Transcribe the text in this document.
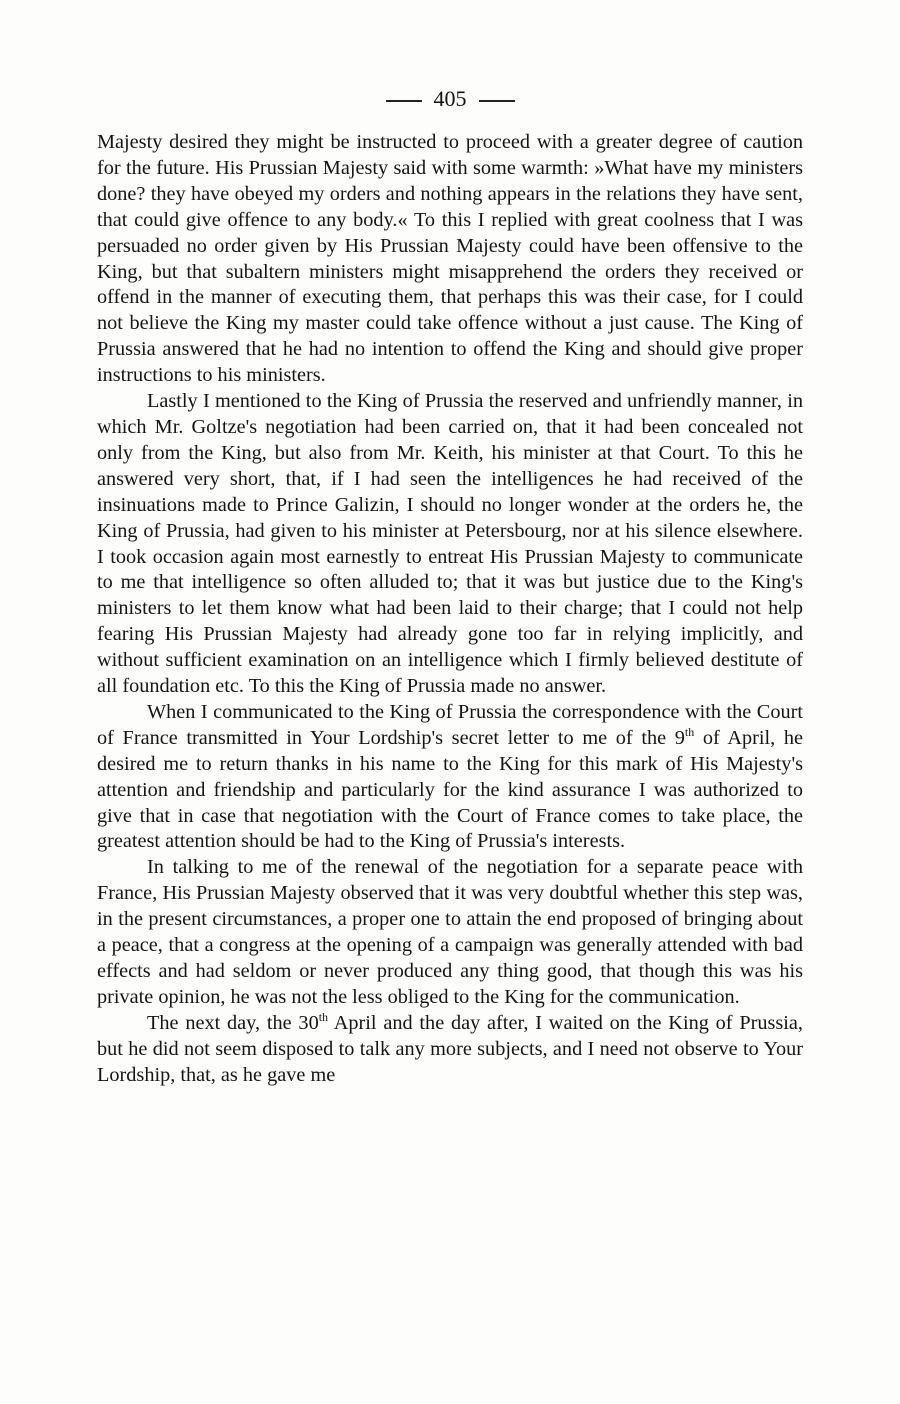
405

Majesty desired they might be instructed to proceed with a greater degree of caution for the future. His Prussian Majesty said with some warmth: »What have my ministers done? they have obeyed my orders and nothing appears in the relations they have sent, that could give offence to any body.« To this I replied with great coolness that I was persuaded no order given by His Prussian Majesty could have been offensive to the King, but that subaltern ministers might misapprehend the orders they received or offend in the manner of executing them, that perhaps this was their case, for I could not believe the King my master could take offence without a just cause. The King of Prussia answered that he had no intention to offend the King and should give proper instructions to his ministers.

Lastly I mentioned to the King of Prussia the reserved and unfriendly manner, in which Mr. Goltze's negotiation had been carried on, that it had been concealed not only from the King, but also from Mr. Keith, his minister at that Court. To this he answered very short, that, if I had seen the intelligences he had received of the insinuations made to Prince Galizin, I should no longer wonder at the orders he, the King of Prussia, had given to his minister at Petersbourg, nor at his silence elsewhere. I took occasion again most earnestly to entreat His Prussian Majesty to communicate to me that intelligence so often alluded to; that it was but justice due to the King's ministers to let them know what had been laid to their charge; that I could not help fearing His Prussian Majesty had already gone too far in relying implicitly, and without sufficient examination on an intelligence which I firmly believed destitute of all foundation etc. To this the King of Prussia made no answer.

When I communicated to the King of Prussia the correspondence with the Court of France transmitted in Your Lordship's secret letter to me of the 9th of April, he desired me to return thanks in his name to the King for this mark of His Majesty's attention and friendship and particularly for the kind assurance I was authorized to give that in case that negotiation with the Court of France comes to take place, the greatest attention should be had to the King of Prussia's interests.

In talking to me of the renewal of the negotiation for a separate peace with France, His Prussian Majesty observed that it was very doubtful whether this step was, in the present circumstances, a proper one to attain the end proposed of bringing about a peace, that a congress at the opening of a campaign was generally attended with bad effects and had seldom or never produced any thing good, that though this was his private opinion, he was not the less obliged to the King for the communication.

The next day, the 30th April and the day after, I waited on the King of Prussia, but he did not seem disposed to talk any more subjects, and I need not observe to Your Lordship, that, as he gave me
